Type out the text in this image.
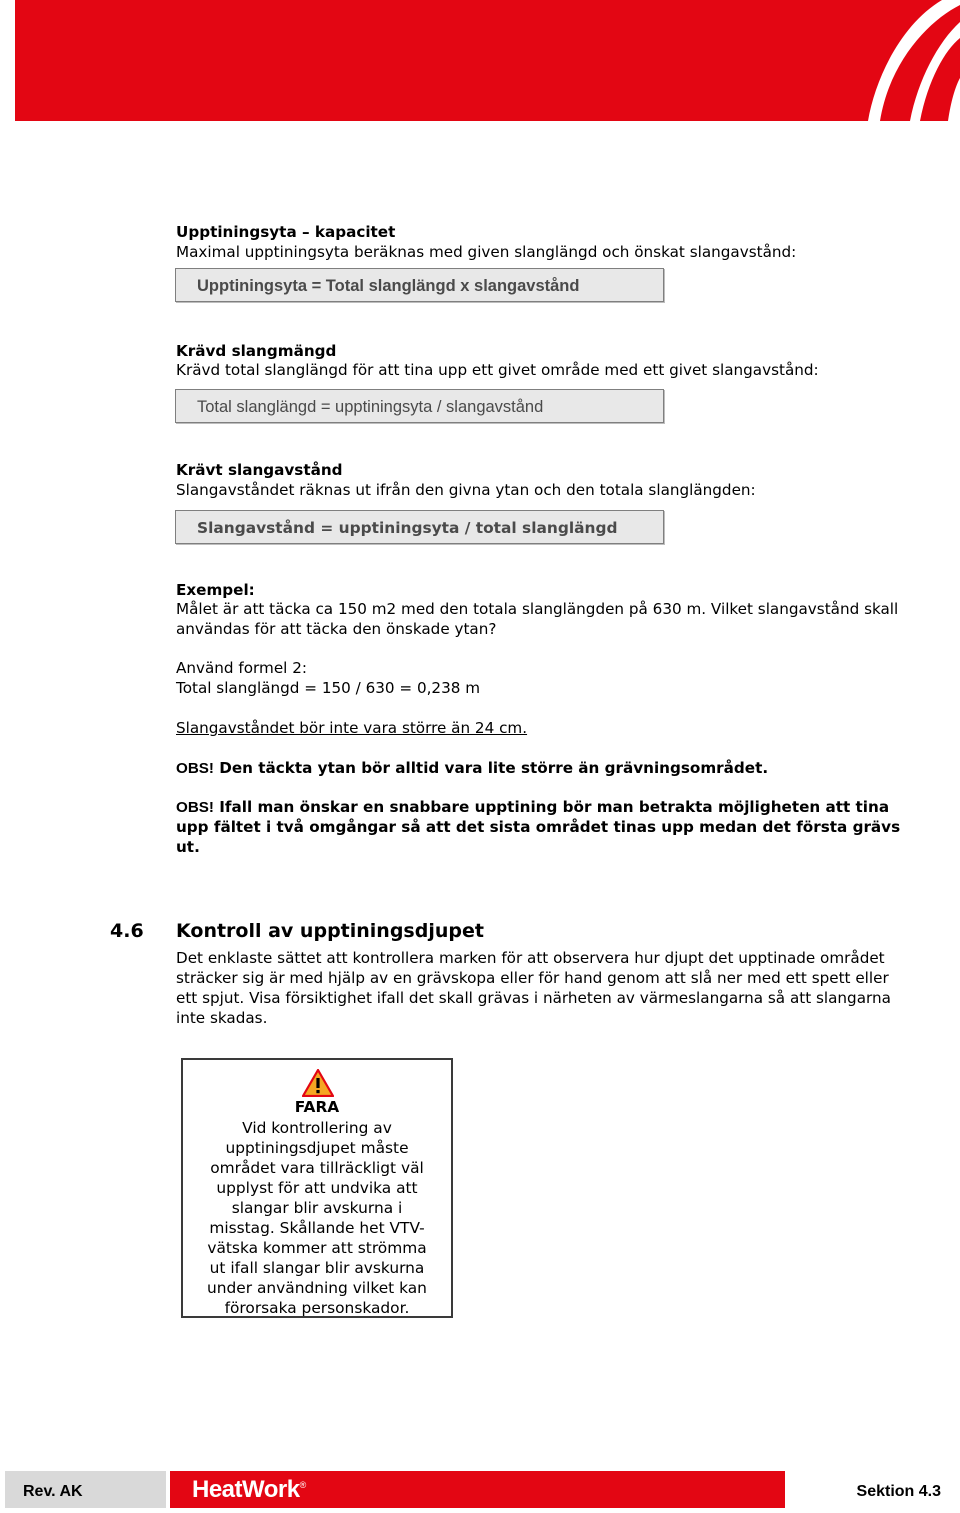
Upptiningsyta – kapacitet
Maximal upptiningsyta beräknas med given slanglängd och önskat slangavstånd:
Upptiningsyta = Total slanglängd x slangavstånd
Krävd slangmängd
Krävd total slanglängd för att tina upp ett givet område med ett givet slangavstånd:
Total slanglängd = upptiningsyta / slangavstånd
Krävt slangavstånd
Slangavståndet räknas ut ifrån den givna ytan och den totala slanglängden:
Slangavstånd = upptiningsyta / total slanglängd
Exempel:
Målet är att täcka ca 150 m2 med den totala slanglängden på 630 m. Vilket slangavstånd skall
användas för att täcka den önskade ytan?
Använd formel 2:
Total slanglängd = 150 / 630 = 0,238 m
Slangavståndet bör inte vara större än 24 cm.
OBS! Den täckta ytan bör alltid vara lite större än grävningsområdet.
OBS! Ifall man önskar en snabbare upptining bör man betrakta möjligheten att tina
upp fältet i två omgångar så att det sista området tinas upp medan det första grävs
ut.
4.6 Kontroll av upptiningsdjupet
Det enklaste sättet att kontrollera marken för att observera hur djupt det upptinade området
sträcker sig är med hjälp av en grävskopa eller för hand genom att slå ner med ett spett eller
ett spjut. Visa försiktighet ifall det skall grävas i närheten av värmeslangarna så att slangarna
inte skadas.
FARA
Vid kontrollering av
upptiningsdjupet måste
området vara tillräckligt väl
upplyst för att undvika att
slangar blir avskurna i
misstag. Skållande het VTV-
vätska kommer att strömma
ut ifall slangar blir avskurna
under användning vilket kan
förorsaka personskador.
Rev. AK	HeatWork®	Sektion 4.3
